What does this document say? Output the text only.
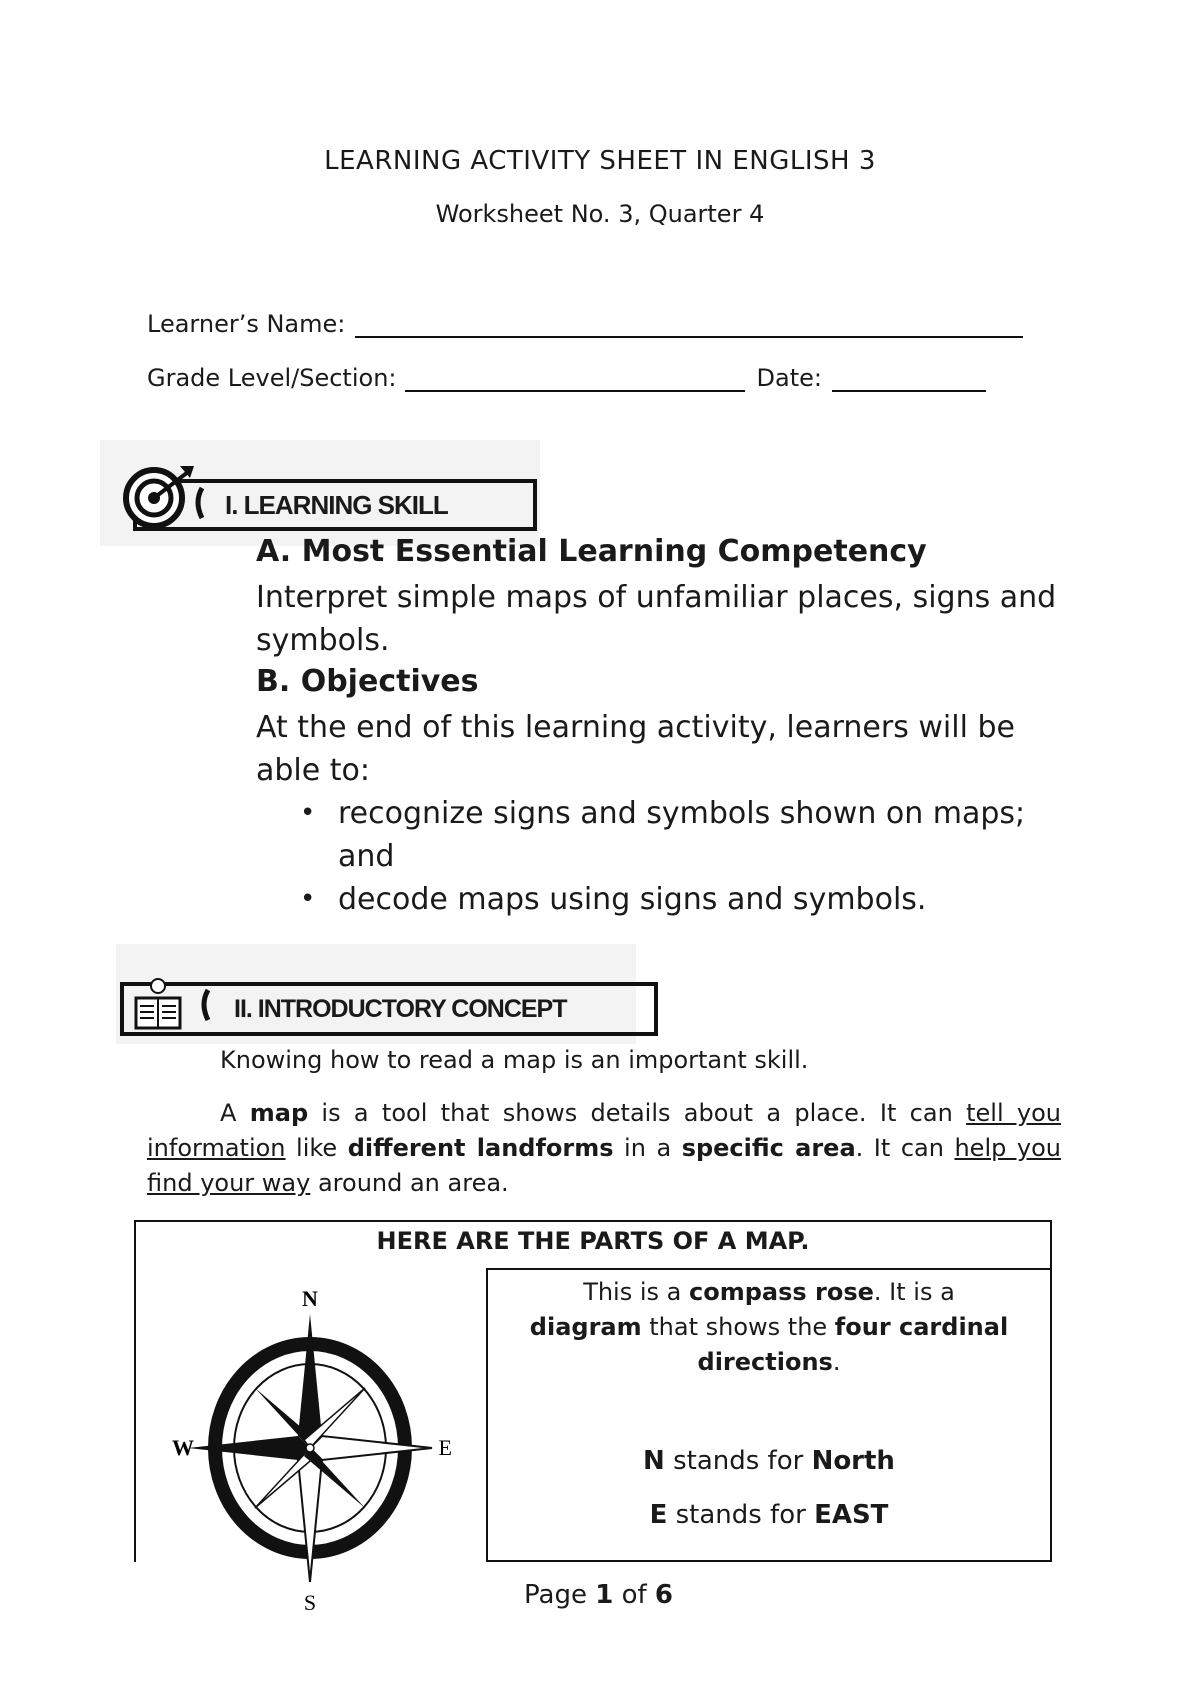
LEARNING ACTIVITY SHEET IN ENGLISH 3
Worksheet No. 3, Quarter 4
Learner’s Name:
Grade Level/Section:	Date:
I. LEARNING SKILL
A. Most Essential Learning Competency
Interpret simple maps of unfamiliar places, signs and symbols.
B. Objectives
At the end of this learning activity, learners will be able to:
• recognize signs and symbols shown on maps; and
• decode maps using signs and symbols.
II. INTRODUCTORY CONCEPT
Knowing how to read a map is an important skill.
A map is a tool that shows details about a place. It can tell you information like different landforms in a specific area. It can help you find your way around an area.
HERE ARE THE PARTS OF A MAP.
N
E
S
W
This is a compass rose. It is a diagram that shows the four cardinal directions.
N stands for North
E stands for EAST
Page 1 of 6
